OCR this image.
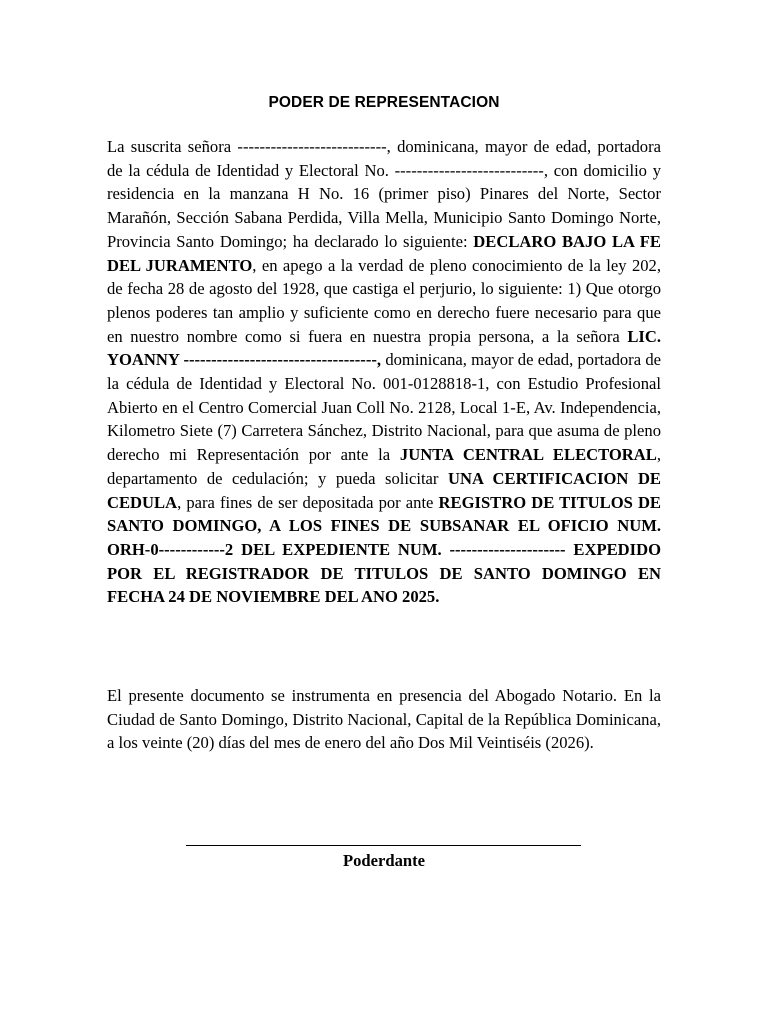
PODER DE REPRESENTACION
La suscrita señora ---------------------------, dominicana, mayor de edad, portadora de la cédula de Identidad y Electoral No. ---------------------------, con domicilio y residencia en la manzana H No. 16 (primer piso) Pinares del Norte, Sector Marañón, Sección Sabana Perdida, Villa Mella, Municipio Santo Domingo Norte, Provincia Santo Domingo; ha declarado lo siguiente: DECLARO BAJO LA FE DEL JURAMENTO, en apego a la verdad de pleno conocimiento de la ley 202, de fecha 28 de agosto del 1928, que castiga el perjurio, lo siguiente: 1) Que otorgo plenos poderes tan amplio y suficiente como en derecho fuere necesario para que en nuestro nombre como si fuera en nuestra propia persona, a la señora LIC. YOANNY -----------------------------------, dominicana, mayor de edad, portadora de la cédula de Identidad y Electoral No. 001-0128818-1, con Estudio Profesional Abierto en el Centro Comercial Juan Coll No. 2128, Local 1-E, Av. Independencia, Kilometro Siete (7) Carretera Sánchez, Distrito Nacional, para que asuma de pleno derecho mi Representación por ante la JUNTA CENTRAL ELECTORAL, departamento de cedulación; y pueda solicitar UNA CERTIFICACION DE CEDULA, para fines de ser depositada por ante REGISTRO DE TITULOS DE SANTO DOMINGO, A LOS FINES DE SUBSANAR EL OFICIO NUM. ORH-0------------2 DEL EXPEDIENTE NUM. --------------------- EXPEDIDO POR EL REGISTRADOR DE TITULOS DE SANTO DOMINGO EN FECHA 24 DE NOVIEMBRE DEL ANO 2025.
El presente documento se instrumenta en presencia del Abogado Notario. En la Ciudad de Santo Domingo, Distrito Nacional, Capital de la República Dominicana, a los veinte (20) días del mes de enero del año Dos Mil Veintiséis (2026).
Poderdante
